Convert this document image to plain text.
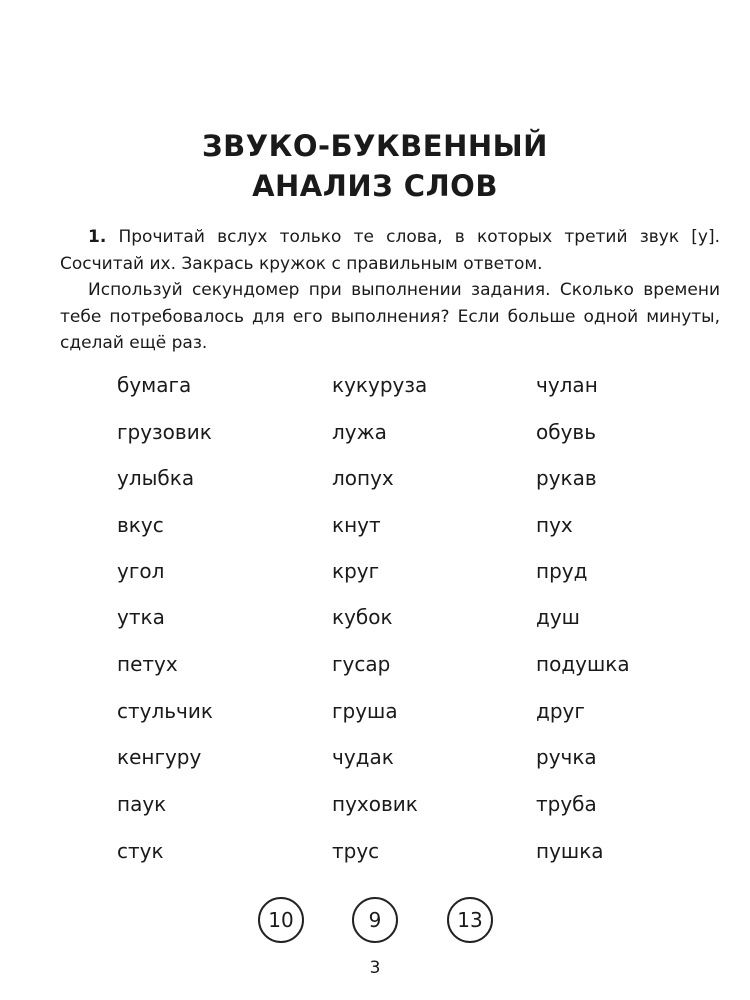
ЗВУКО-БУКВЕННЫЙ
АНАЛИЗ СЛОВ

1. Прочитай вслух только те слова, в которых третий звук [у]. Сосчитай их. Закрась кружок с правильным ответом.

Используй секундомер при выполнении задания. Сколько времени тебе потребовалось для его выполнения? Если больше одной минуты, сделай ещё раз.

бумага
грузовик
улыбка
вкус
угол
утка
петух
стульчик
кенгуру
паук
стук
кукуруза
лужа
лопух
кнут
круг
кубок
гусар
груша
чудак
пуховик
трус
чулан
обувь
рукав
пух
пруд
душ
подушка
друг
ручка
труба
пушка
10	9	13
3
